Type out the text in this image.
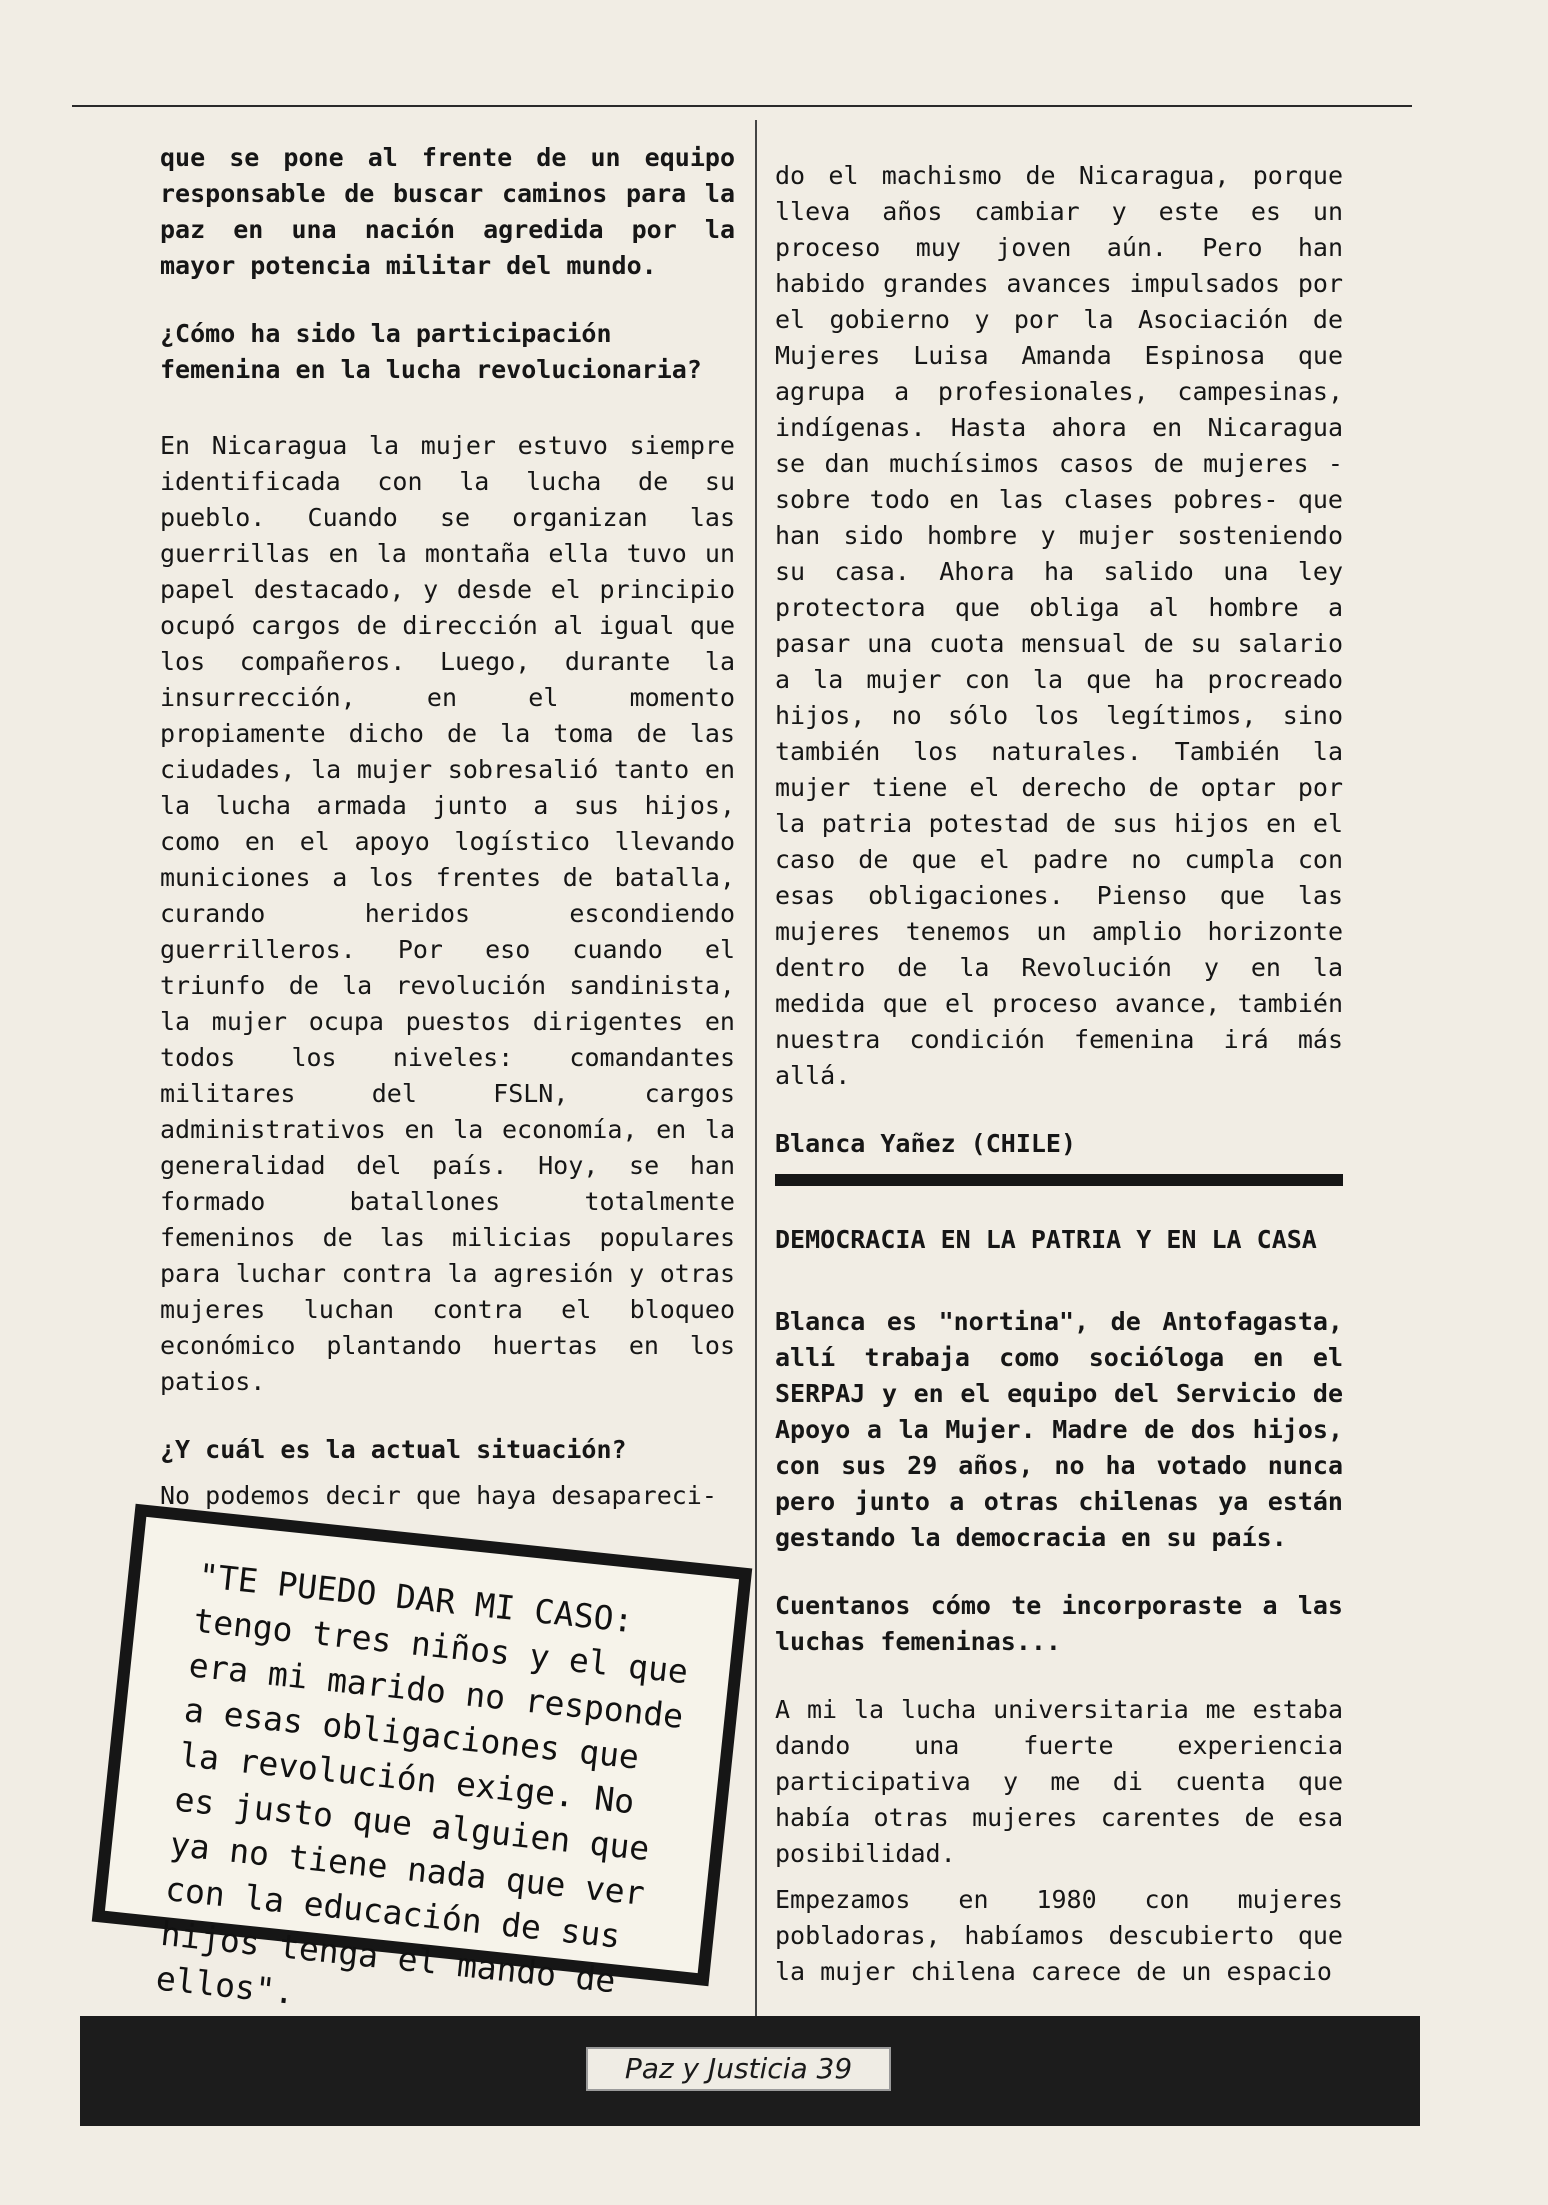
que se pone al frente de un equipo responsable de buscar caminos para la paz en una nación agredida por la mayor potencia militar del mundo.

¿Cómo ha sido la participación femenina en la lucha revolucionaria?

En Nicaragua la mujer estuvo siempre identificada con la lucha de su pueblo. Cuando se organizan las guerrillas en la montaña ella tuvo un papel destacado, y desde el principio ocupó cargos de dirección al igual que los compañeros. Luego, durante la insurrección, en el momento propiamente dicho de la toma de las ciudades, la mujer sobresalió tanto en la lucha armada junto a sus hijos, como en el apoyo logístico llevando municiones a los frentes de batalla, curando heridos escondiendo guerrilleros. Por eso cuando el triunfo de la revolución sandinista, la mujer ocupa puestos dirigentes en todos los niveles: comandantes militares del FSLN, cargos administrativos en la economía, en la generalidad del país. Hoy, se han formado batallones totalmente femeninos de las milicias populares para luchar contra la agresión y otras mujeres luchan contra el bloqueo económico plantando huertas en los patios.

¿Y cuál es la actual situación?

No podemos decir que haya desapareci-

do el machismo de Nicaragua, porque lleva años cambiar y este es un proceso muy joven aún. Pero han habido grandes avances impulsados por el gobierno y por la Asociación de Mujeres Luisa Amanda Espinosa que agrupa a profesionales, campesinas, indígenas. Hasta ahora en Nicaragua se dan muchísimos casos de mujeres -sobre todo en las clases pobres- que han sido hombre y mujer sosteniendo su casa. Ahora ha salido una ley protectora que obliga al hombre a pasar una cuota mensual de su salario a la mujer con la que ha procreado hijos, no sólo los legítimos, sino también los naturales. También la mujer tiene el derecho de optar por la patria potestad de sus hijos en el caso de que el padre no cumpla con esas obligaciones. Pienso que las mujeres tenemos un amplio horizonte dentro de la Revolución y en la medida que el proceso avance, también nuestra condición femenina irá más allá.

Blanca Yañez (CHILE)

DEMOCRACIA EN LA PATRIA Y EN LA CASA

Blanca es "nortina", de Antofagasta, allí trabaja como socióloga en el SERPAJ y en el equipo del Servicio de Apoyo a la Mujer. Madre de dos hijos, con sus 29 años, no ha votado nunca pero junto a otras chilenas ya están gestando la democracia en su país.

Cuentanos cómo te incorporaste a las luchas femeninas...

A mi la lucha universitaria me estaba dando una fuerte experiencia participativa y me di cuenta que había otras mujeres carentes de esa posibilidad.

Empezamos en 1980 con mujeres pobladoras, habíamos descubierto que la mujer chilena carece de un espacio

"TE PUEDO DAR MI CASO: tengo tres niños y el que era mi marido no responde a esas obligaciones que la revolución exige. No es justo que alguien que ya no tiene nada que ver con la educación de sus hijos tenga el mando de ellos".
Paz y Justicia 39
